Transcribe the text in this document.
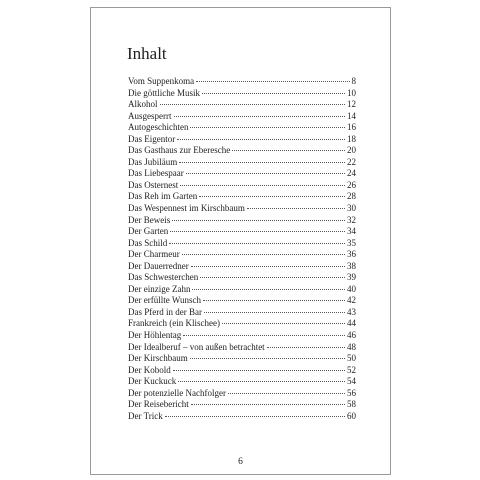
Inhalt
Vom Suppenkoma	8
Die göttliche Musik	10
Alkohol	12
Ausgesperrt	14
Autogeschichten	16
Das Eigentor	18
Das Gasthaus zur Eberesche	20
Das Jubiläum	22
Das Liebespaar	24
Das Osternest	26
Das Reh im Garten	28
Das Wespennest im Kirschbaum	30
Der Beweis	32
Der Garten	34
Das Schild	35
Der Charmeur	36
Der Dauerredner	38
Das Schwesterchen	39
Der einzige Zahn	40
Der erfüllte Wunsch	42
Das Pferd in der Bar	43
Frankreich (ein Klischee)	44
Der Höhlentag	46
Der Idealberuf – von außen betrachtet	48
Der Kirschbaum	50
Der Kobold	52
Der Kuckuck	54
Der potenzielle Nachfolger	56
Der Reisebericht	58
Der Trick	60
6
